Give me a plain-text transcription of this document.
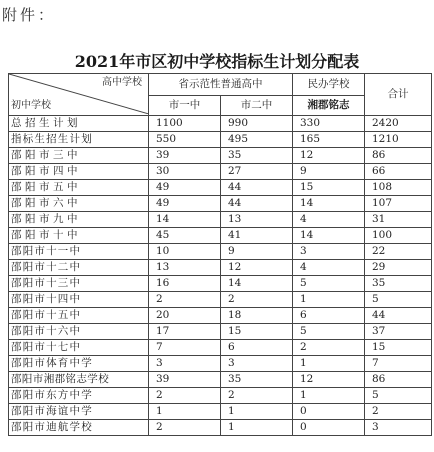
附件：
2021年市区初中学校指标生计划分配表
高中学校
初中学校	省示范性普通高中		民办学校	合计
	市一中	市二中	湘郡铭志	
总招生计划	1100	990	330	2420
指标生招生计划	550	495	165	1210
邵阳市三中	39	35	12	86
邵阳市四中	30	27	9	66
邵阳市五中	49	44	15	108
邵阳市六中	49	44	14	107
邵阳市九中	14	13	4	31
邵阳市十中	45	41	14	100
邵阳市十一中	10	9	3	22
邵阳市十二中	13	12	4	29
邵阳市十三中	16	14	5	35
邵阳市十四中	2	2	1	5
邵阳市十五中	20	18	6	44
邵阳市十六中	17	15	5	37
邵阳市十七中	7	6	2	15
邵阳市体育中学	3	3	1	7
邵阳市湘郡铭志学校	39	35	12	86
邵阳市东方中学	2	2	1	5
邵阳市海谊中学	1	1	0	2
邵阳市迪航学校	2	1	0	3
